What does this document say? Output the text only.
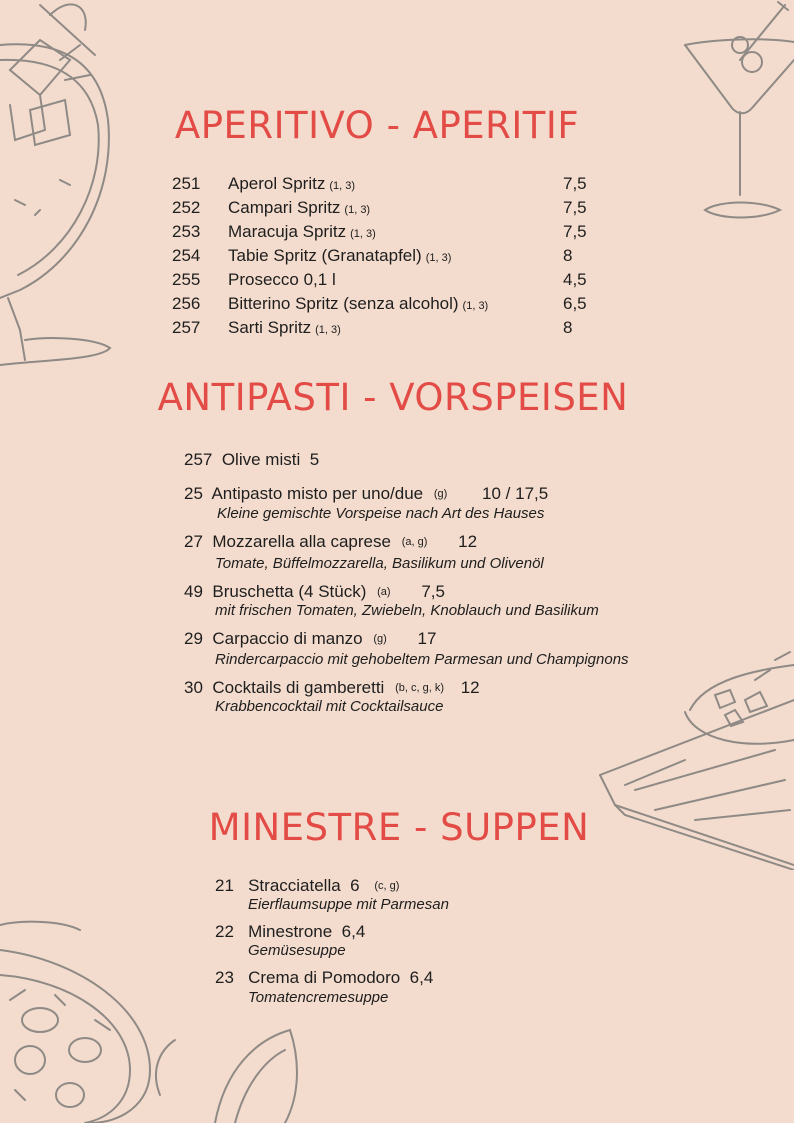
APERITIVO - APERITIF
251 Aperol Spritz (1, 3)	7,5
252 Campari Spritz (1, 3)	7,5
253 Maracuja Spritz (1, 3)	7,5
254 Tabie Spritz (Granatapfel) (1, 3)	8
255 Prosecco 0,1 l	4,5
256 Bitterino Spritz (senza alcohol) (1, 3)	6,5
257 Sarti Spritz (1, 3)	8
ANTIPASTI - VORSPEISEN
257 Olive misti 5
25 Antipasto misto per uno/due (g) 10 / 17,5
Kleine gemischte Vorspeise nach Art des Hauses
27 Mozzarella alla caprese (a, g) 12
Tomate, Büffelmozzarella, Basilikum und Olivenöl
49 Bruschetta (4 Stück) (a) 7,5
mit frischen Tomaten, Zwiebeln, Knoblauch und Basilikum
29 Carpaccio di manzo (g) 17
Rindercarpaccio mit gehobeltem Parmesan und Champignons
30 Cocktails di gamberetti (b, c, g, k) 12
Krabbencocktail mit Cocktailsauce
MINESTRE - SUPPEN
21 Stracciatella 6 (c, g)
Eierflaumsuppe mit Parmesan
22 Minestrone 6,4
Gemüsesuppe
23 Crema di Pomodoro 6,4
Tomatencremesuppe
